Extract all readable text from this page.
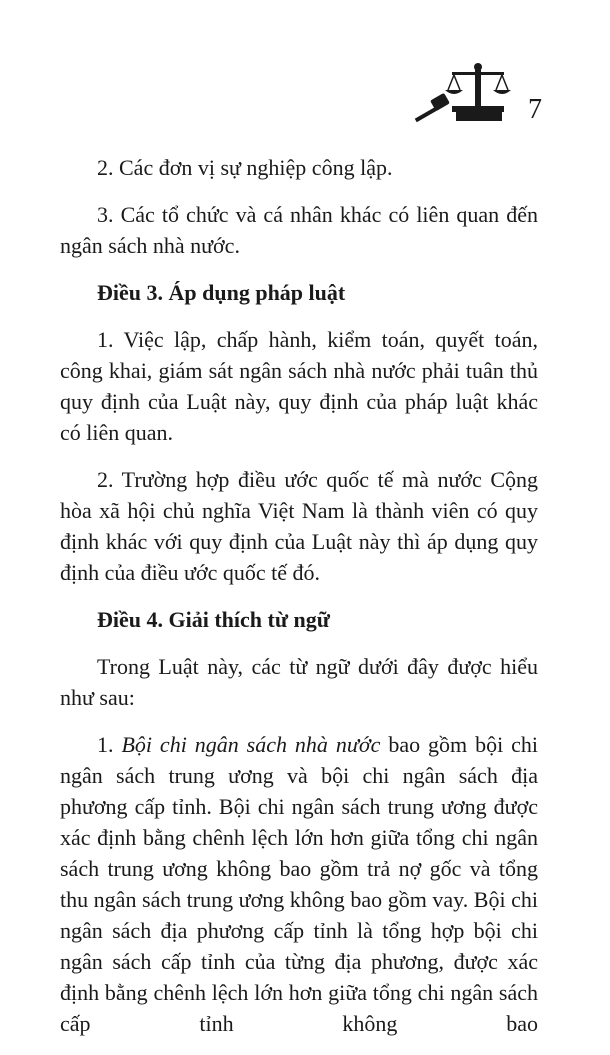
7

2. Các đơn vị sự nghiệp công lập.

3. Các tổ chức và cá nhân khác có liên quan đến ngân sách nhà nước.

Điều 3. Áp dụng pháp luật

1. Việc lập, chấp hành, kiểm toán, quyết toán, công khai, giám sát ngân sách nhà nước phải tuân thủ quy định của Luật này, quy định của pháp luật khác có liên quan.

2. Trường hợp điều ước quốc tế mà nước Cộng hòa xã hội chủ nghĩa Việt Nam là thành viên có quy định khác với quy định của Luật này thì áp dụng quy định của điều ước quốc tế đó.

Điều 4. Giải thích từ ngữ

Trong Luật này, các từ ngữ dưới đây được hiểu như sau:

1. Bội chi ngân sách nhà nước bao gồm bội chi ngân sách trung ương và bội chi ngân sách địa phương cấp tỉnh. Bội chi ngân sách trung ương được xác định bằng chênh lệch lớn hơn giữa tổng chi ngân sách trung ương không bao gồm trả nợ gốc và tổng thu ngân sách trung ương không bao gồm vay. Bội chi ngân sách địa phương cấp tỉnh là tổng hợp bội chi ngân sách cấp tỉnh của từng địa phương, được xác định bằng chênh lệch lớn hơn giữa tổng chi ngân sách cấp tỉnh không bao
